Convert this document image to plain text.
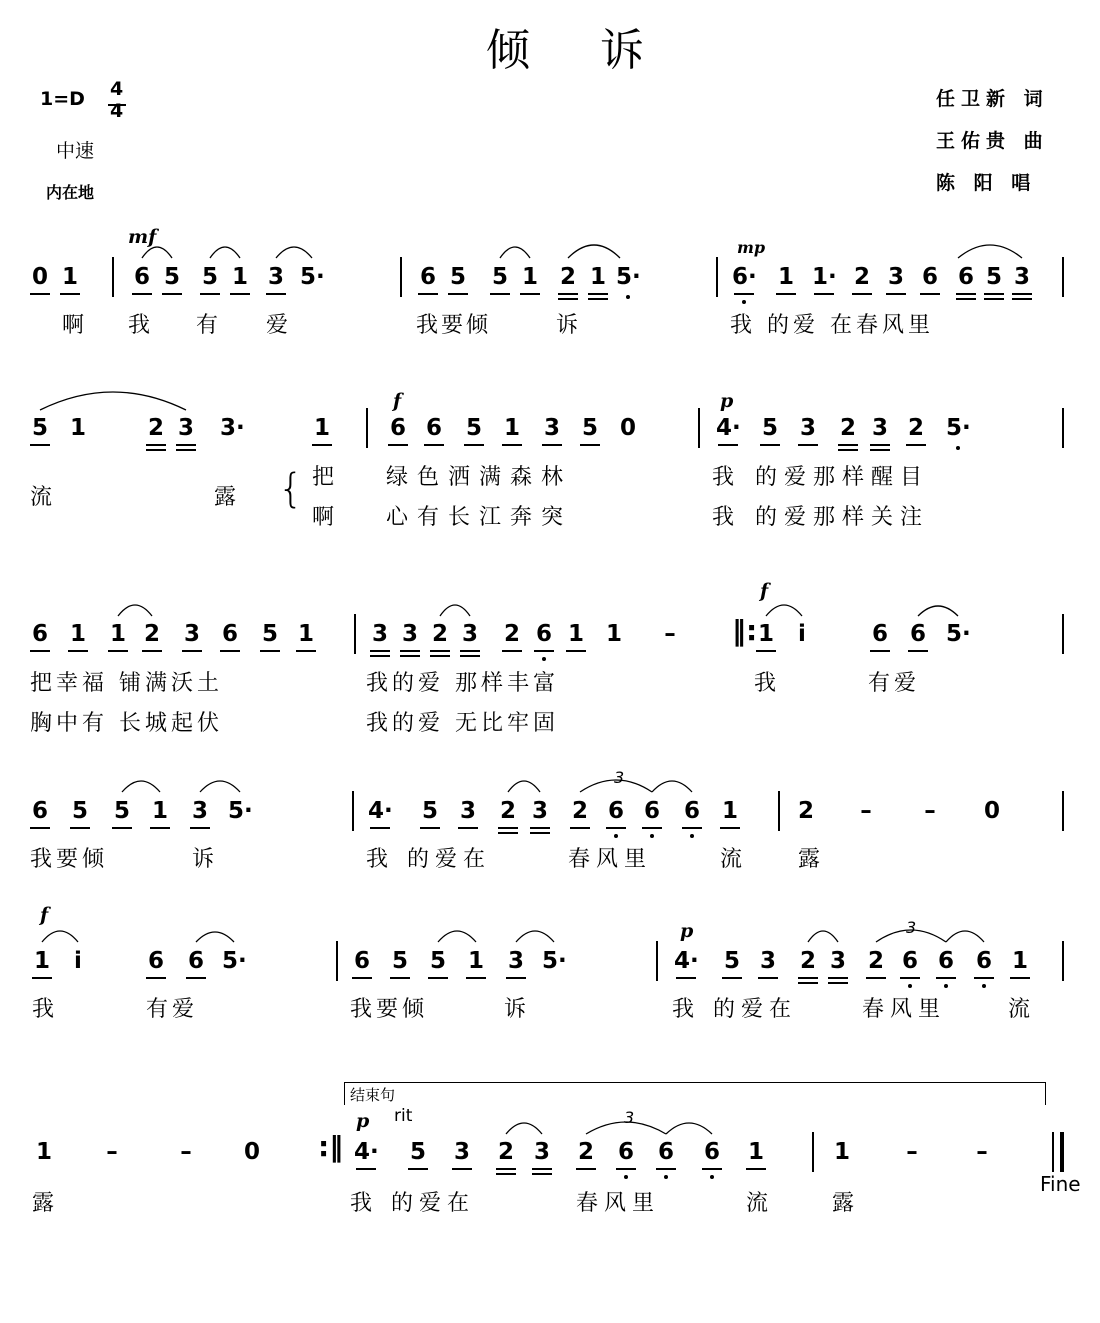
倾 诉
1=D 4
4
中速
内在地
任卫新 词
王佑贵 曲
陈 阳 唱
0 1 6 5 5 1 3 5·	6 5 5 1 2 1 5·	6· 1 1· 2 3 6 6 5 3
5 1	2 3 3·	1	6 6 5 1 3 5 0	4· 5 3 2 3 2 5·
6 1 1 2 3 6 5 1	3 3 2 3 2 6 1 1 –	1	i	6 6 5·
‖:
6 5 5 1 3 5·	4· 5 3 2 3 2 6 6 6 1	2 – – 0
1	i	6 6 5·	6 5 5 1 3 5·	4· 5 3 2 3 2 6 6 6 1
1 –	– 0 :‖ 4· 5 3 2 3 2 6 6 6 1	1 –	–
3
3
3
mf	mp
f	p
f
f
p
p rit
结束句
Fine
啊 我 有 爱	我要倾	诉	我 的爱 在春风里
流	露 { 把 绿色洒满森林	我 的爱那样醒目
啊 心有长江奔突	我 的爱那样关注
把幸福 铺满沃土	我的爱 那样丰富	我	有爱
胸中有 长城起伏	我的爱 无比牢固
我要倾	诉	我 的爱在	春风里	流	露
我	有爱	我要倾	诉	我 的爱在	春风里	流
露	我 的爱在	春风里	流	露
